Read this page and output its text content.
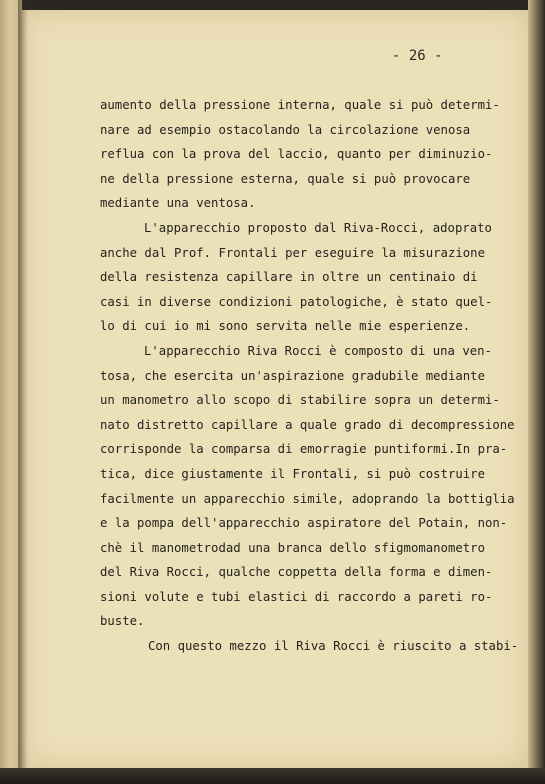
- 26 -
aumento della pressione interna, quale si può determi-
nare ad esempio ostacolando la circolazione venosa
reflua con la prova del laccio, quanto per diminuzio-
ne della pressione esterna, quale si può provocare
mediante una ventosa.
L'apparecchio proposto dal Riva-Rocci, adoprato
anche dal Prof. Frontali per eseguire la misurazione
della resistenza capillare in oltre un centinaio di
casi in diverse condizioni patologiche, è stato quel-
lo di cui io mi sono servita nelle mie esperienze.
L'apparecchio Riva Rocci è composto di una ven-
tosa, che esercita un'aspirazione gradubile mediante
un manometro allo scopo di stabilire sopra un determi-
nato distretto capillare a quale grado di decompressione
corrisponde la comparsa di emorragie puntiformi.In pra-
tica, dice giustamente il Frontali, si può costruire
facilmente un apparecchio simile, adoprando la bottiglia
e la pompa dell'apparecchio aspiratore del Potain, non-
chè il manometrodad una branca dello sfigmomanometro
del Riva Rocci, qualche coppetta della forma e dimen-
sioni volute e tubi elastici di raccordo a pareti ro-
buste.
Con questo mezzo il Riva Rocci è riuscito a stabi-
